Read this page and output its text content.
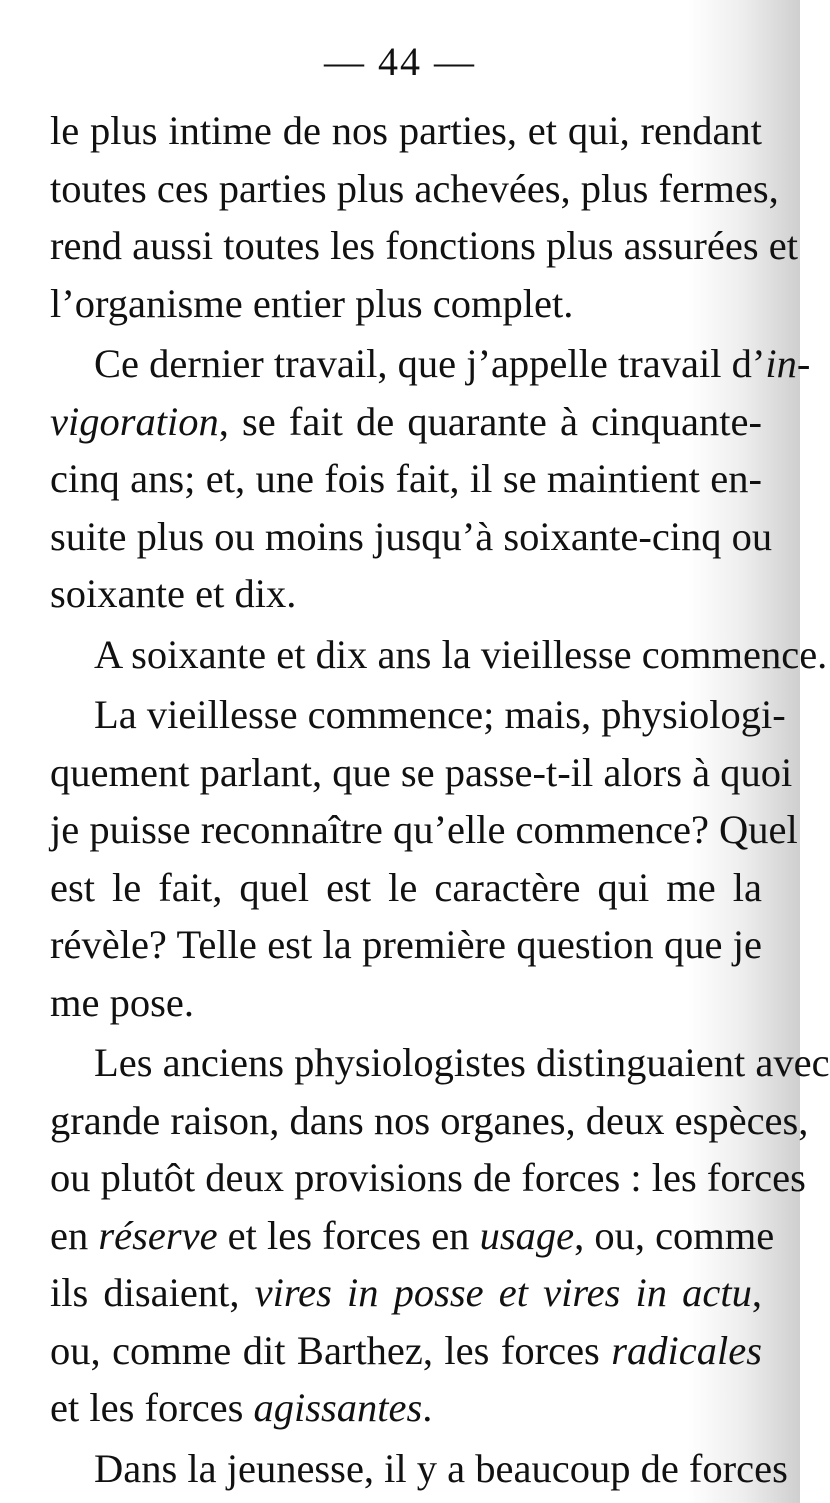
— 44 —

le plus intime de nos parties, et qui, rendant
toutes ces parties plus achevées, plus fermes,
rend aussi toutes les fonctions plus assurées et
l’organisme entier plus complet.

Ce dernier travail, que j’appelle travail d’in-
vigoration, se fait de quarante à cinquante-
cinq ans; et, une fois fait, il se maintient en-
suite plus ou moins jusqu’à soixante-cinq ou
soixante et dix.

A soixante et dix ans la vieillesse commence.

La vieillesse commence; mais, physiologi-
quement parlant, que se passe-t-il alors à quoi
je puisse reconnaître qu’elle commence? Quel
est le fait, quel est le caractère qui me la
révèle? Telle est la première question que je
me pose.

Les anciens physiologistes distinguaient avec
grande raison, dans nos organes, deux espèces,
ou plutôt deux provisions de forces : les forces
en réserve et les forces en usage, ou, comme
ils disaient, vires in posse et vires in actu,
ou, comme dit Barthez, les forces radicales
et les forces agissantes.

Dans la jeunesse, il y a beaucoup de forces
